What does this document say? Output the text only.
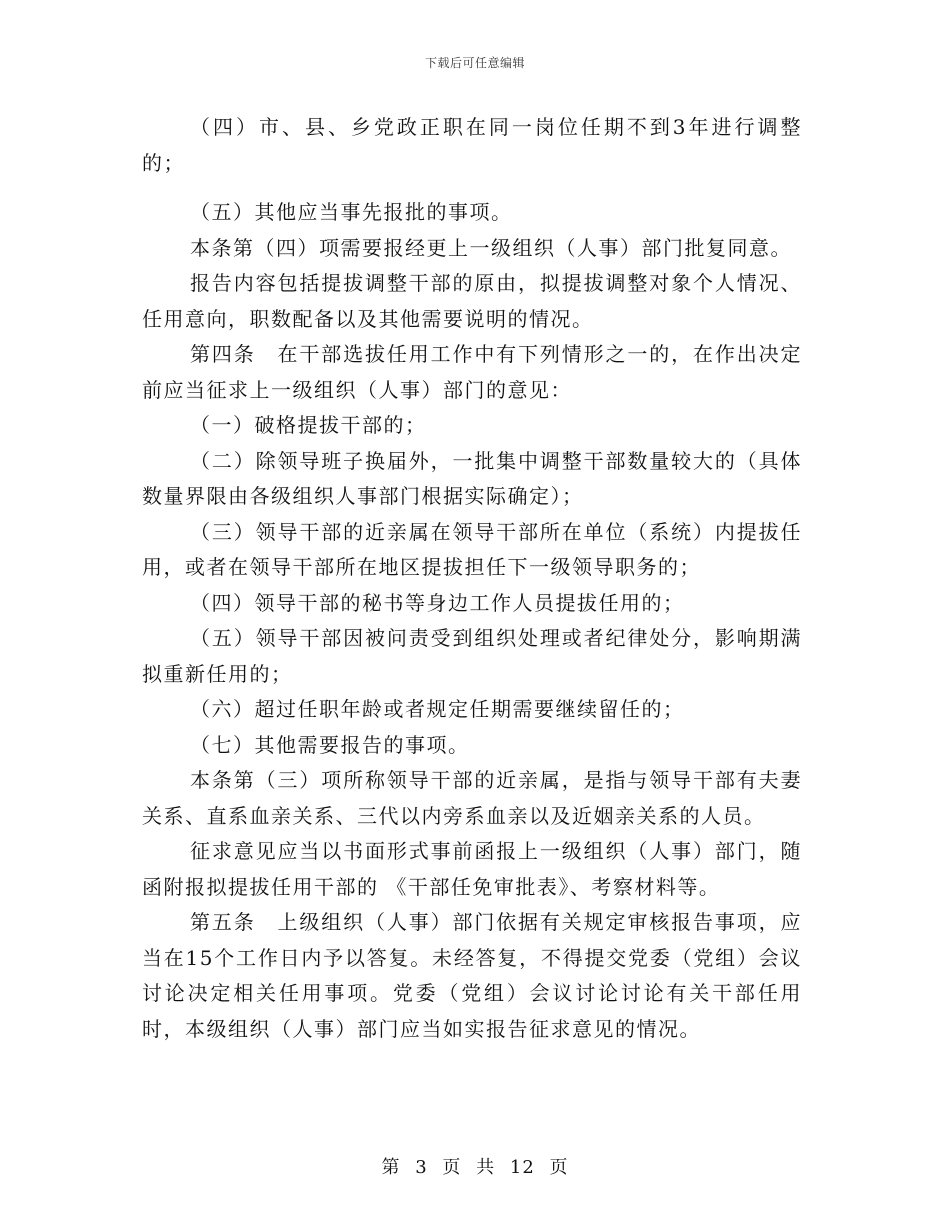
下载后可任意编辑

（四）市、县、乡党政正职在同一岗位任期不到3年进行调整的；

（五）其他应当事先报批的事项。

本条第（四）项需要报经更上一级组织（人事）部门批复同意。

报告内容包括提拔调整干部的原由，拟提拔调整对象个人情况、任用意向，职数配备以及其他需要说明的情况。

第四条　在干部选拔任用工作中有下列情形之一的，在作出决定前应当征求上一级组织（人事）部门的意见：

（一）破格提拔干部的；

（二）除领导班子换届外，一批集中调整干部数量较大的（具体数量界限由各级组织人事部门根据实际确定）；

（三）领导干部的近亲属在领导干部所在单位（系统）内提拔任用，或者在领导干部所在地区提拔担任下一级领导职务的；

（四）领导干部的秘书等身边工作人员提拔任用的；

（五）领导干部因被问责受到组织处理或者纪律处分，影响期满拟重新任用的；

（六）超过任职年龄或者规定任期需要继续留任的；

（七）其他需要报告的事项。

本条第（三）项所称领导干部的近亲属，是指与领导干部有夫妻关系、直系血亲关系、三代以内旁系血亲以及近姻亲关系的人员。

征求意见应当以书面形式事前函报上一级组织（人事）部门，随函附报拟提拔任用干部的 《干部任免审批表》、考察材料等。

第五条　上级组织（人事）部门依据有关规定审核报告事项，应当在15个工作日内予以答复。未经答复，不得提交党委（党组）会议讨论决定相关任用事项。党委（党组）会议讨论讨论有关干部任用时，本级组织（人事）部门应当如实报告征求意见的情况。

第 3 页 共 12 页
